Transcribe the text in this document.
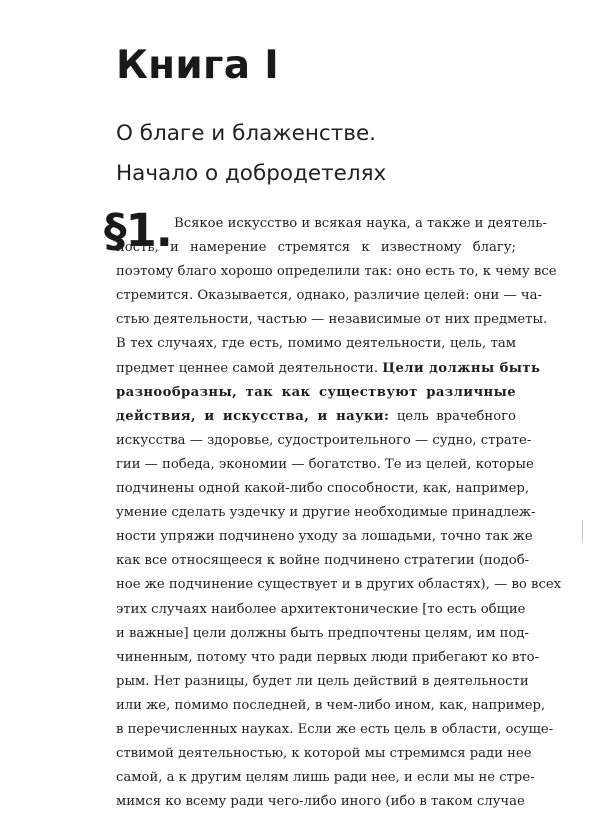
Книга I
О благе и блаженстве.
Начало о добродетелях
§1. Всякое искусство и всякая наука, а также и деятель-
ность, и намерение стремятся к известному благу;
поэтому благо хорошо определили так: оно есть то, к чему все
стремится. Оказывается, однако, различие целей: они — ча-
стью деятельности, частью — независимые от них предметы.
В тех случаях, где есть, помимо деятельности, цель, там
предмет ценнее самой деятельности. Цели должны быть
разнообразны, так как существуют различные
действия, и искусства, и науки: цель врачебного
искусства — здоровье, судостроительного — судно, страте-
гии — победа, экономии — богатство. Те из целей, которые
подчинены одной какой-либо способности, как, например,
умение сделать уздечку и другие необходимые принадлеж-
ности упряжи подчинено уходу за лошадьми, точно так же
как все относящееся к войне подчинено стратегии (подоб-
ное же подчинение существует и в других областях), — во всех
этих случаях наиболее архитектонические [то есть общие
и важные] цели должны быть предпочтены целям, им под-
чиненным, потому что ради первых люди прибегают ко вто-
рым. Нет разницы, будет ли цель действий в деятельности
или же, помимо последней, в чем-либо ином, как, например,
в перечисленных науках. Если же есть цель в области, осуще-
ствимой деятельностью, к которой мы стремимся ради нее
самой, а к другим целям лишь ради нее, и если мы не стре-
мимся ко всему ради чего-либо иного (ибо в таком случае
